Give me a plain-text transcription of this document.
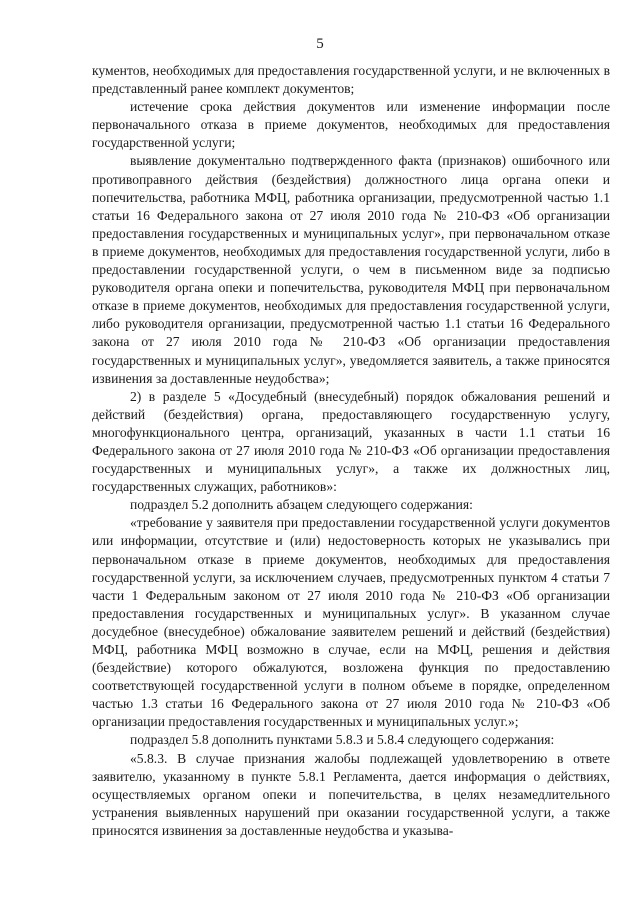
5

кументов, необходимых для предоставления государственной услуги, и не включенных в представленный ранее комплект документов;

истечение срока действия документов или изменение информации после первоначального отказа в приеме документов, необходимых для предоставления государственной услуги;

выявление документально подтвержденного факта (признаков) ошибочного или противоправного действия (бездействия) должностного лица органа опеки и попечительства, работника МФЦ, работника организации, предусмотренной частью 1.1 статьи 16 Федерального закона от 27 июля 2010 года № 210-ФЗ «Об организации предоставления государственных и муниципальных услуг», при первоначальном отказе в приеме документов, необходимых для предоставления государственной услуги, либо в предоставлении государственной услуги, о чем в письменном виде за подписью руководителя органа опеки и попечительства, руководителя МФЦ при первоначальном отказе в приеме документов, необходимых для предоставления государственной услуги, либо руководителя организации, предусмотренной частью 1.1 статьи 16 Федерального закона от 27 июля 2010 года № 210-ФЗ «Об организации предоставления государственных и муниципальных услуг», уведомляется заявитель, а также приносятся извинения за доставленные неудобства»;

2) в разделе 5 «Досудебный (внесудебный) порядок обжалования решений и действий (бездействия) органа, предоставляющего государственную услугу, многофункционального центра, организаций, указанных в части 1.1 статьи 16 Федерального закона от 27 июля 2010 года № 210-ФЗ «Об организации предоставления государственных и муниципальных услуг», а также их должностных лиц, государственных служащих, работников»:

подраздел 5.2 дополнить абзацем следующего содержания:

«требование у заявителя при предоставлении государственной услуги документов или информации, отсутствие и (или) недостоверность которых не указывались при первоначальном отказе в приеме документов, необходимых для предоставления государственной услуги, за исключением случаев, предусмотренных пунктом 4 статьи 7 части 1 Федеральным законом от 27 июля 2010 года № 210-ФЗ «Об организации предоставления государственных и муниципальных услуг». В указанном случае досудебное (внесудебное) обжалование заявителем решений и действий (бездействия) МФЦ, работника МФЦ возможно в случае, если на МФЦ, решения и действия (бездействие) которого обжалуются, возложена функция по предоставлению соответствующей государственной услуги в полном объеме в порядке, определенном частью 1.3 статьи 16 Федерального закона от 27 июля 2010 года № 210-ФЗ «Об организации предоставления государственных и муниципальных услуг.»;

подраздел 5.8 дополнить пунктами 5.8.3 и 5.8.4 следующего содержания:

«5.8.3. В случае признания жалобы подлежащей удовлетворению в ответе заявителю, указанному в пункте 5.8.1 Регламента, дается информация о действиях, осуществляемых органом опеки и попечительства, в целях незамедлительного устранения выявленных нарушений при оказании государственной услуги, а также приносятся извинения за доставленные неудобства и указыва-
